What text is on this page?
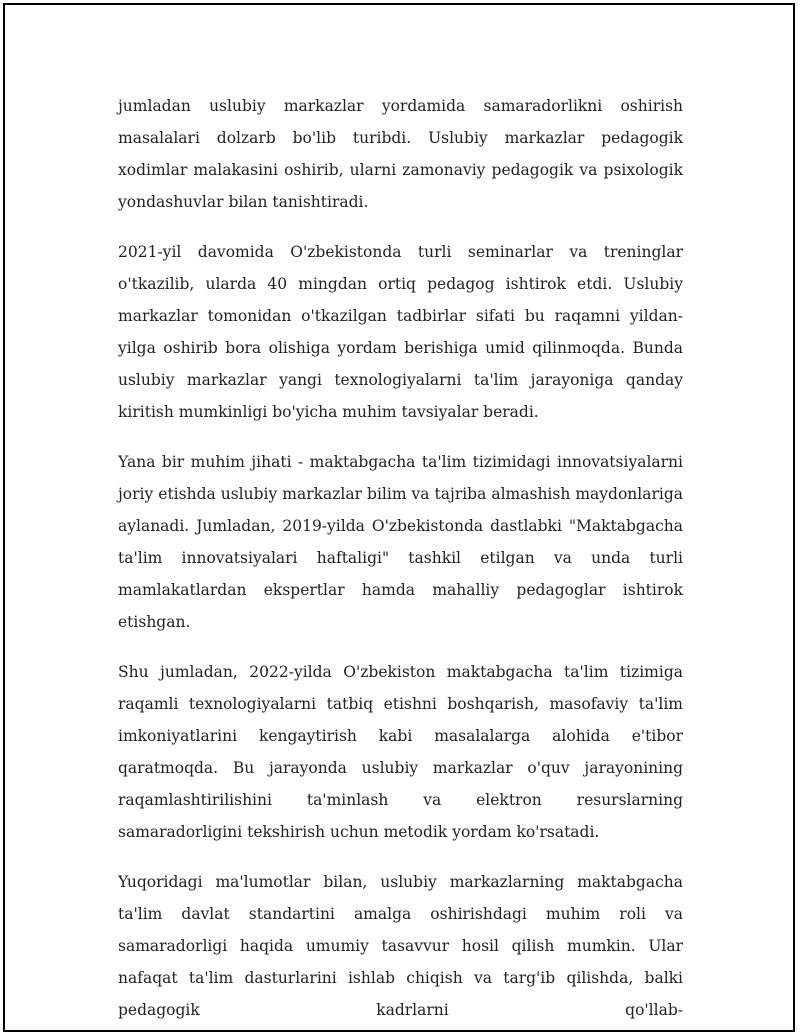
jumladan uslubiy markazlar yordamida samaradorlikni oshirish masalalari dolzarb bo'lib turibdi. Uslubiy markazlar pedagogik xodimlar malakasini oshirib, ularni zamonaviy pedagogik va psixologik yondashuvlar bilan tanishtiradi.

2021-yil davomida O'zbekistonda turli seminarlar va treninglar o'tkazilib, ularda 40 mingdan ortiq pedagog ishtirok etdi. Uslubiy markazlar tomonidan o'tkazilgan tadbirlar sifati bu raqamni yildan-yilga oshirib bora olishiga yordam berishiga umid qilinmoqda. Bunda uslubiy markazlar yangi texnologiyalarni ta'lim jarayoniga qanday kiritish mumkinligi bo'yicha muhim tavsiyalar beradi.

Yana bir muhim jihati - maktabgacha ta'lim tizimidagi innovatsiyalarni joriy etishda uslubiy markazlar bilim va tajriba almashish maydonlariga aylanadi. Jumladan, 2019-yilda O'zbekistonda dastlabki "Maktabgacha ta'lim innovatsiyalari haftaligi" tashkil etilgan va unda turli mamlakatlardan ekspertlar hamda mahalliy pedagoglar ishtirok etishgan.

Shu jumladan, 2022-yilda O'zbekiston maktabgacha ta'lim tizimiga raqamli texnologiyalarni tatbiq etishni boshqarish, masofaviy ta'lim imkoniyatlarini kengaytirish kabi masalalarga alohida e'tibor qaratmoqda. Bu jarayonda uslubiy markazlar o'quv jarayonining raqamlashtirilishini ta'minlash va elektron resurslarning samaradorligini tekshirish uchun metodik yordam ko'rsatadi.

Yuqoridagi ma'lumotlar bilan, uslubiy markazlarning maktabgacha ta'lim davlat standartini amalga oshirishdagi muhim roli va samaradorligi haqida umumiy tasavvur hosil qilish mumkin. Ular nafaqat ta'lim dasturlarini ishlab chiqish va targ'ib qilishda, balki pedagogik kadrlarni qo'llab-
